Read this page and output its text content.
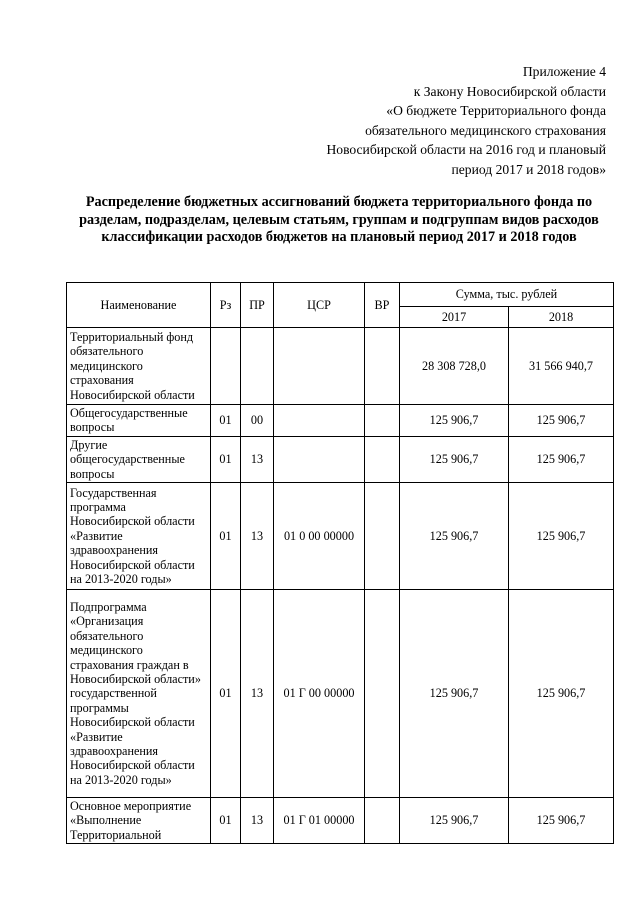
Приложение 4
к Закону Новосибирской области
«О бюджете Территориального фонда
обязательного медицинского страхования
Новосибирской области на 2016 год и плановый
период 2017 и 2018 годов»
Распределение бюджетных ассигнований бюджета территориального фонда по разделам, подразделам, целевым статьям, группам и подгруппам видов расходов классификации расходов бюджетов на плановый период 2017 и 2018 годов
Наименование	Рз	ПР	ЦСР	ВР	Сумма, тыс. рублей	
					2017	2018
Территориальный фонд обязательного медицинского страхования Новосибирской области					28 308 728,0	31 566 940,7
Общегосударственные вопросы	01	00			125 906,7	125 906,7
Другие общегосударственные вопросы	01	13			125 906,7	125 906,7
Государственная программа Новосибирской области «Развитие здравоохранения Новосибирской области на 2013-2020 годы»	01	13	01 0 00 00000		125 906,7	125 906,7
Подпрограмма «Организация обязательного медицинского страхования граждан в Новосибирской области» государственной программы Новосибирской области «Развитие здравоохранения Новосибирской области на 2013-2020 годы»	01	13	01 Г 00 00000		125 906,7	125 906,7
Основное мероприятие «Выполнение Территориальной	01	13	01 Г 01 00000		125 906,7	125 906,7
